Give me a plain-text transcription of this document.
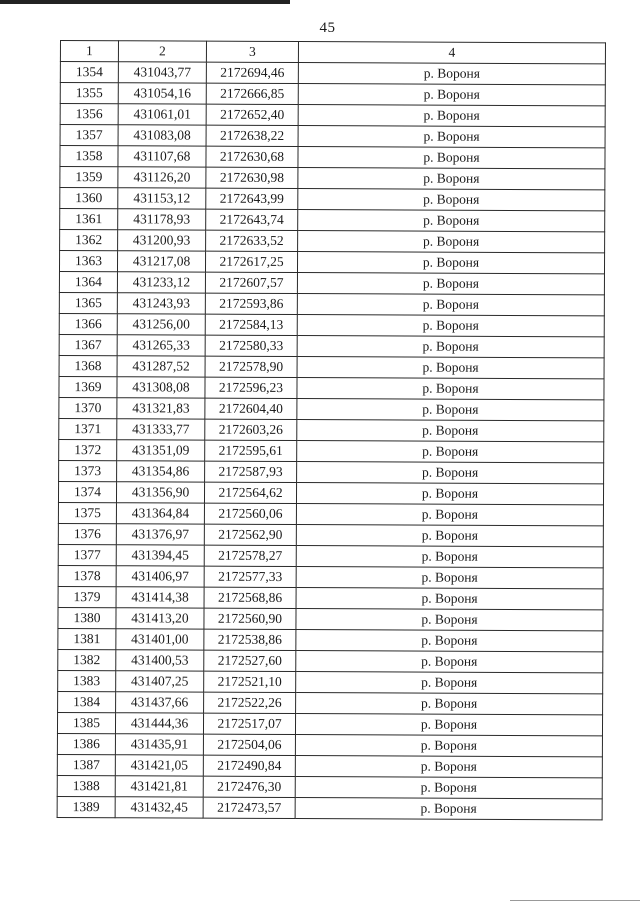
45
1	2	3	4
1354	431043,77	2172694,46	р. Вороня
1355	431054,16	2172666,85	р. Вороня
1356	431061,01	2172652,40	р. Вороня
1357	431083,08	2172638,22	р. Вороня
1358	431107,68	2172630,68	р. Вороня
1359	431126,20	2172630,98	р. Вороня
1360	431153,12	2172643,99	р. Вороня
1361	431178,93	2172643,74	р. Вороня
1362	431200,93	2172633,52	р. Вороня
1363	431217,08	2172617,25	р. Вороня
1364	431233,12	2172607,57	р. Вороня
1365	431243,93	2172593,86	р. Вороня
1366	431256,00	2172584,13	р. Вороня
1367	431265,33	2172580,33	р. Вороня
1368	431287,52	2172578,90	р. Вороня
1369	431308,08	2172596,23	р. Вороня
1370	431321,83	2172604,40	р. Вороня
1371	431333,77	2172603,26	р. Вороня
1372	431351,09	2172595,61	р. Вороня
1373	431354,86	2172587,93	р. Вороня
1374	431356,90	2172564,62	р. Вороня
1375	431364,84	2172560,06	р. Вороня
1376	431376,97	2172562,90	р. Вороня
1377	431394,45	2172578,27	р. Вороня
1378	431406,97	2172577,33	р. Вороня
1379	431414,38	2172568,86	р. Вороня
1380	431413,20	2172560,90	р. Вороня
1381	431401,00	2172538,86	р. Вороня
1382	431400,53	2172527,60	р. Вороня
1383	431407,25	2172521,10	р. Вороня
1384	431437,66	2172522,26	р. Вороня
1385	431444,36	2172517,07	р. Вороня
1386	431435,91	2172504,06	р. Вороня
1387	431421,05	2172490,84	р. Вороня
1388	431421,81	2172476,30	р. Вороня
1389	431432,45	2172473,57	р. Вороня
